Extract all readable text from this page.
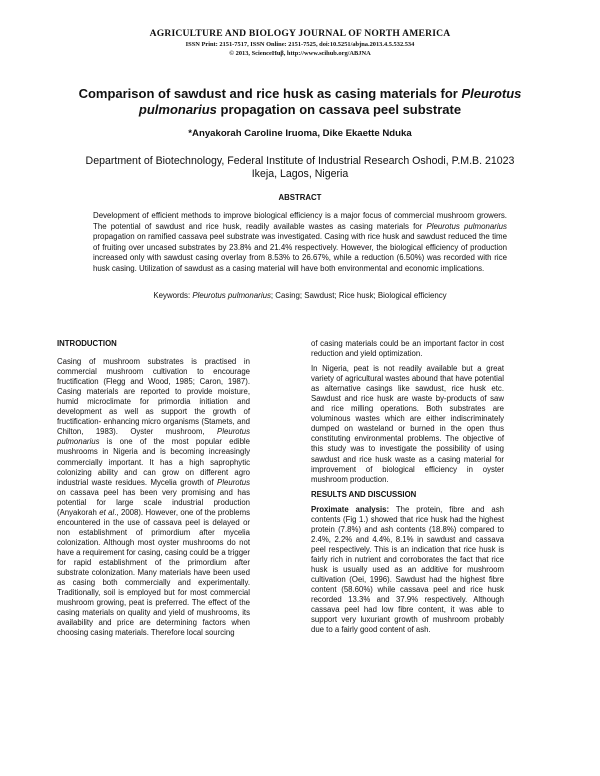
AGRICULTURE AND BIOLOGY JOURNAL OF NORTH AMERICA
ISSN Print: 2151-7517, ISSN Online: 2151-7525, doi:10.5251/abjna.2013.4.5.532.534
© 2013, ScienceHuβ, http://www.scihub.org/ABJNA
Comparison of sawdust and rice husk as casing materials for Pleurotus pulmonarius propagation on cassava peel substrate
*Anyakorah Caroline Iruoma, Dike Ekaette Nduka
Department of Biotechnology, Federal Institute of Industrial Research Oshodi, P.M.B. 21023
Ikeja, Lagos, Nigeria
ABSTRACT
Development of efficient methods to improve biological efficiency is a major focus of commercial mushroom growers. The potential of sawdust and rice husk, readily available wastes as casing materials for Pleurotus pulmonarius propagation on ramified cassava peel substrate was investigated. Casing with rice husk and sawdust reduced the time of fruiting over uncased substrates by 23.8% and 21.4% respectively. However, the biological efficiency of production increased only with sawdust casing overlay from 8.53% to 26.67%, while a reduction (6.50%) was recorded with rice husk casing. Utilization of sawdust as a casing material will have both environmental and economic implications.
Keywords: Pleurotus pulmonarius; Casing; Sawdust; Rice husk; Biological efficiency
INTRODUCTION

Casing of mushroom substrates is practised in commercial mushroom cultivation to encourage fructification (Flegg and Wood, 1985; Caron, 1987). Casing materials are reported to provide moisture, humid microclimate for primordia initiation and development as well as support the growth of fructification- enhancing micro organisms (Stamets, and Chilton, 1983). Oyster mushroom, Pleurotus pulmonarius is one of the most popular edible mushrooms in Nigeria and is becoming increasingly commercially important. It has a high saprophytic colonizing ability and can grow on different agro industrial waste residues. Mycelia growth of Pleurotus on cassava peel has been very promising and has potential for large scale industrial production (Anyakorah et al., 2008). However, one of the problems encountered in the use of cassava peel is delayed or non establishment of primordium after mycelia colonization. Although most oyster mushrooms do not have a requirement for casing, casing could be a trigger for rapid establishment of the primordium after substrate colonization. Many materials have been used as casing both commercially and experimentally. Traditionally, soil is employed but for most commercial mushroom growing, peat is preferred. The effect of the casing materials on quality and yield of mushrooms, its availability and price are determining factors when choosing casing materials. Therefore local sourcing

of casing materials could be an important factor in cost reduction and yield optimization.

In Nigeria, peat is not readily available but a great variety of agricultural wastes abound that have potential as alternative casings like sawdust, rice husk etc. Sawdust and rice husk are waste by-products of saw and rice milling operations. Both substrates are voluminous wastes which are either indiscriminately dumped on wasteland or burned in the open thus constituting environmental problems. The objective of this study was to investigate the possibility of using sawdust and rice husk waste as a casing material for improvement of biological efficiency in oyster mushroom production.

RESULTS AND DISCUSSION

Proximate analysis: The protein, fibre and ash contents (Fig 1.) showed that rice husk had the highest protein (7.8%) and ash contents (18.8%) compared to 2.4%, 2.2% and 4.4%, 8.1% in sawdust and cassava peel respectively. This is an indication that rice husk is fairly rich in nutrient and corroborates the fact that rice husk is usually used as an additive for mushroom cultivation (Oei, 1996). Sawdust had the highest fibre content (58.60%) while cassava peel and rice husk recorded 13.3% and 37.9% respectively. Although cassava peel had low fibre content, it was able to support very luxuriant growth of mushroom probably due to a fairly good content of ash.
